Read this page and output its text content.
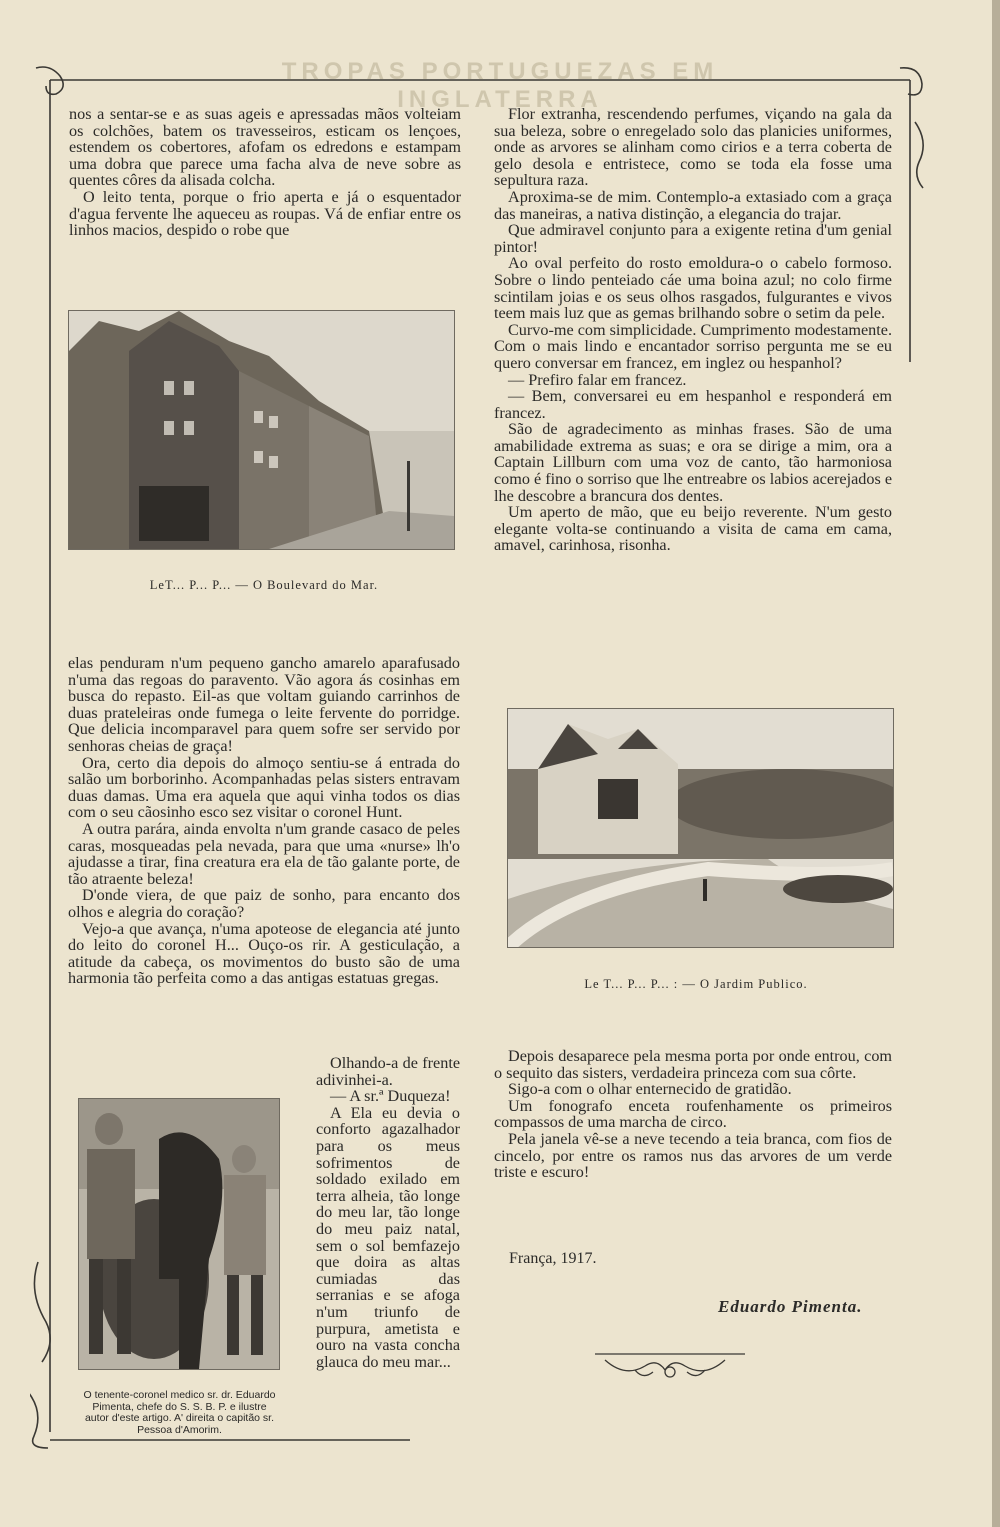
TROPAS PORTUGUEZAS EM INGLATERRA

nos a sentar-se e as suas ageis e apressadas mãos volteiam os colchões, batem os travesseiros, esticam os lençoes, estendem os cobertores, afofam os edredons e estampam uma dobra que parece uma facha alva de neve sobre as quentes côres da alisada colcha.

O leito tenta, porque o frio aperta e já o esquentador d'agua fervente lhe aqueceu as roupas. Vá de enfiar entre os linhos macios, despido o robe que

LeT... P... P... — O Boulevard do Mar.

elas penduram n'um pequeno gancho amarelo aparafusado n'uma das regoas do paravento. Vão agora ás cosinhas em busca do repasto. Eil-as que voltam guiando carrinhos de duas prateleiras onde fumega o leite fervente do porridge. Que delicia incomparavel para quem sofre ser servido por senhoras cheias de graça!

Ora, certo dia depois do almoço sentiu-se á entrada do salão um borborinho. Acompanhadas pelas sisters entravam duas damas. Uma era aquela que aqui vinha todos os dias com o seu cãosinho esco sez visitar o coronel Hunt.

A outra parára, ainda envolta n'um grande casaco de peles caras, mosqueadas pela nevada, para que uma «nurse» lh'o ajudasse a tirar, fina creatura era ela de tão galante porte, de tão atraente beleza!

D'onde viera, de que paiz de sonho, para encanto dos olhos e alegria do coração?

Vejo-a que avança, n'uma apoteose de elegancia até junto do leito do coronel H... Ouço-os rir. A gesticulação, a atitude da cabeça, os movimentos do busto são de uma harmonia tão perfeita como a das antigas estatuas gregas.

O tenente-coronel medico sr. dr. Eduardo Pimenta, chefe do S. S. B. P. e ilustre autor d'este artigo. A' direita o capitão sr. Pessoa d'Amorim.

Olhando-a de frente adivinhei-a.

— A sr.ª Duqueza!

A Ela eu devia o conforto agazalhador para os meus sofrimentos de soldado exilado em terra alheia, tão longe do meu lar, tão longe do meu paiz natal, sem o sol bemfazejo que doira as altas cumiadas das serranias e se afoga n'um triunfo de purpura, ametista e ouro na vasta concha glauca do meu mar...

Flor extranha, rescendendo perfumes, viçando na gala da sua beleza, sobre o enregelado solo das planicies uniformes, onde as arvores se alinham como cirios e a terra coberta de gelo desola e entristece, como se toda ela fosse uma sepultura raza.

Aproxima-se de mim. Contemplo-a extasiado com a graça das maneiras, a nativa distinção, a elegancia do trajar.

Que admiravel conjunto para a exigente retina d'um genial pintor!

Ao oval perfeito do rosto emoldura-o o cabelo formoso. Sobre o lindo penteiado cáe uma boina azul; no colo firme scintilam joias e os seus olhos rasgados, fulgurantes e vivos teem mais luz que as gemas brilhando sobre o setim da pele.

Curvo-me com simplicidade. Cumprimento modestamente. Com o mais lindo e encantador sorriso pergunta me se eu quero conversar em francez, em inglez ou hespanhol?

— Prefiro falar em francez.

— Bem, conversarei eu em hespanhol e responderá em francez.

São de agradecimento as minhas frases. São de uma amabilidade extrema as suas; e ora se dirige a mim, ora a Captain Lillburn com uma voz de canto, tão harmoniosa como é fino o sorriso que lhe entreabre os labios acerejados e lhe descobre a brancura dos dentes.

Um aperto de mão, que eu beijo reverente. N'um gesto elegante volta-se continuando a visita de cama em cama, amavel, carinhosa, risonha.

Le T... P... P... : — O Jardim Publico.

Depois desaparece pela mesma porta por onde entrou, com o sequito das sisters, verdadeira princeza com sua côrte.

Sigo-a com o olhar enternecido de gratidão.

Um fonografo enceta roufenhamente os primeiros compassos de uma marcha de circo.

Pela janela vê-se a neve tecendo a teia branca, com fios de cincelo, por entre os ramos nus das arvores de um verde triste e escuro!

França, 1917.
Eduardo Pimenta.
